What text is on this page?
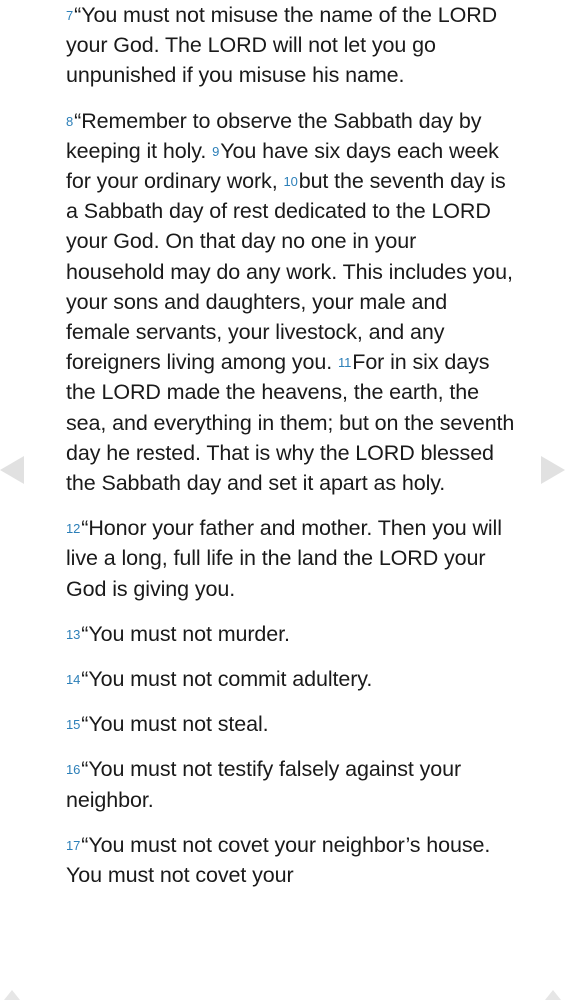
$^7$“You must not misuse the name of the LORD your God. The LORD will not let you go unpunished if you misuse his name.

$^8$“Remember to observe the Sabbath day by keeping it holy. $^9$You have six days each week for your ordinary work, $^{10}$but the seventh day is a Sabbath day of rest dedicated to the LORD your God. On that day no one in your household may do any work. This includes you, your sons and daughters, your male and female servants, your livestock, and any foreigners living among you. $^{11}$For in six days the LORD made the heavens, the earth, the sea, and everything in them; but on the seventh day he rested. That is why the LORD blessed the Sabbath day and set it apart as holy.

$^{12}$“Honor your father and mother. Then you will live a long, full life in the land the LORD your God is giving you.

$^{13}$“You must not murder.

$^{14}$“You must not commit adultery.

$^{15}$“You must not steal.

$^{16}$“You must not testify falsely against your neighbor.

$^{17}$“You must not covet your neighbor’s house. You must not covet your
